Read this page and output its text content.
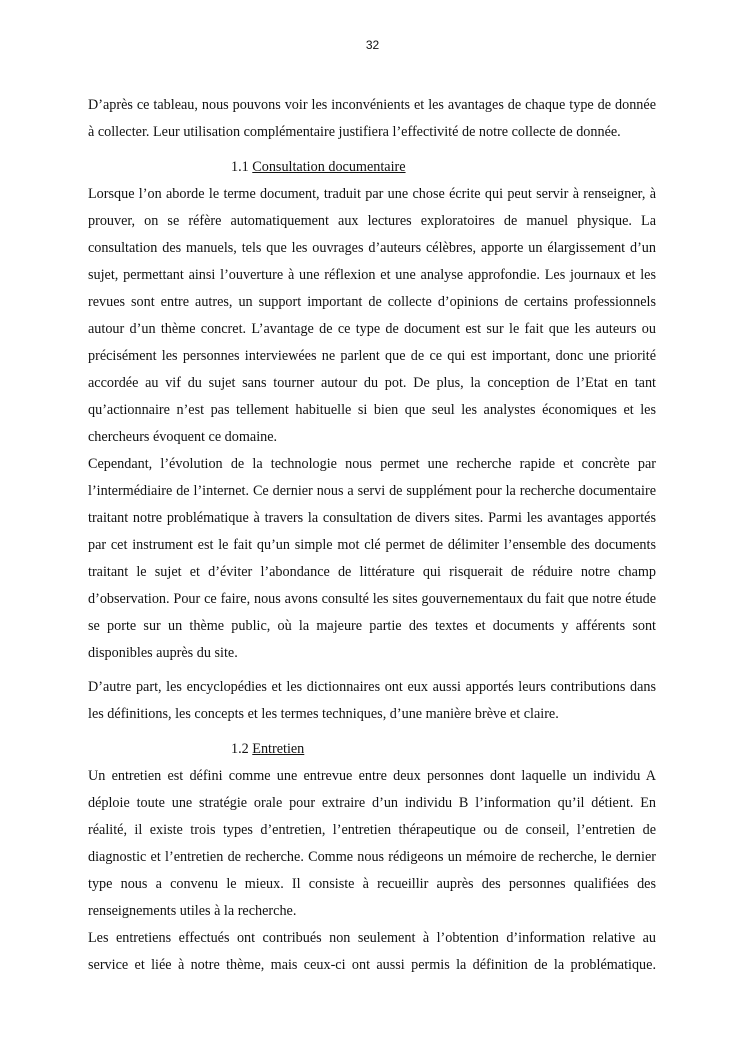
32

D’après ce tableau, nous pouvons voir les inconvénients et les avantages de chaque type de donnée à collecter. Leur utilisation complémentaire justifiera l’effectivité de notre collecte de donnée.

1.1 Consultation documentaire

Lorsque l’on aborde le terme document, traduit par une chose écrite qui peut servir à renseigner, à prouver, on se réfère automatiquement aux lectures exploratoires de manuel physique. La consultation des manuels, tels que les ouvrages d’auteurs célèbres, apporte un élargissement d’un sujet, permettant ainsi l’ouverture à une réflexion et une analyse approfondie. Les journaux et les revues sont entre autres, un support important de collecte d’opinions de certains professionnels autour d’un thème concret. L’avantage de ce type de document est sur le fait que les auteurs ou précisément les personnes interviewées ne parlent que de ce qui est important, donc une priorité accordée au vif du sujet sans tourner autour du pot. De plus, la conception de l’Etat en tant qu’actionnaire n’est pas tellement habituelle si bien que seul les analystes économiques et les chercheurs évoquent ce domaine.

Cependant, l’évolution de la technologie nous permet une recherche rapide et concrète par l’intermédiaire de l’internet. Ce dernier nous a servi de supplément pour la recherche documentaire traitant notre problématique à travers la consultation de divers sites. Parmi les avantages apportés par cet instrument est le fait qu’un simple mot clé permet de délimiter l’ensemble des documents traitant le sujet et d’éviter l’abondance de littérature qui risquerait de réduire notre champ d’observation. Pour ce faire, nous avons consulté les sites gouvernementaux du fait que notre étude se porte sur un thème public, où la majeure partie des textes et documents y afférents sont disponibles auprès du site.

D’autre part, les encyclopédies et les dictionnaires ont eux aussi apportés leurs contributions dans les définitions, les concepts et les termes techniques, d’une manière brève et claire.

1.2 Entretien

Un entretien est défini comme une entrevue entre deux personnes dont laquelle un individu A déploie toute une stratégie orale pour extraire d’un individu B l’information qu’il détient. En réalité, il existe trois types d’entretien, l’entretien thérapeutique ou de conseil, l’entretien de diagnostic et l’entretien de recherche. Comme nous rédigeons un mémoire de recherche, le dernier type nous a convenu le mieux. Il consiste à recueillir auprès des personnes qualifiées des renseignements utiles à la recherche.

Les entretiens effectués ont contribués non seulement à l’obtention d’information relative au service et liée à notre thème, mais ceux-ci ont aussi permis la définition de la problématique.
